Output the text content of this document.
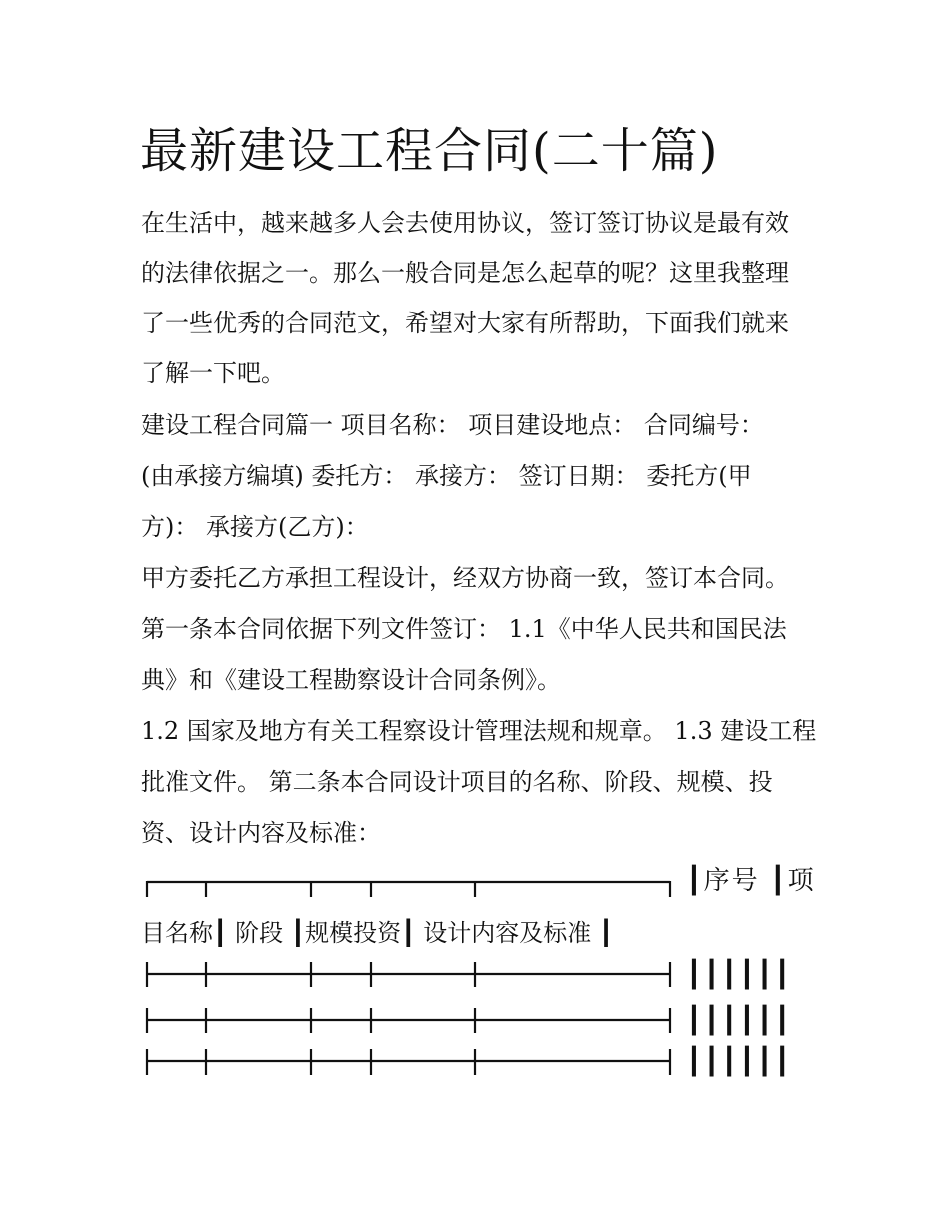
最新建设工程合同(二十篇)
在生活中，越来越多人会去使用协议，签订签订协议是最有效
的法律依据之一。那么一般合同是怎么起草的呢？这里我整理
了一些优秀的合同范文，希望对大家有所帮助，下面我们就来
了解一下吧。
建设工程合同篇一 项目名称： 项目建设地点： 合同编号：
(由承接方编填) 委托方： 承接方： 签订日期： 委托方(甲
方)： 承接方(乙方)：
甲方委托乙方承担工程设计，经双方协商一致，签订本合同。
第一条本合同依据下列文件签订： 1.1《中华人民共和国民法
典》和《建设工程勘察设计合同条例》。
1.2 国家及地方有关工程察设计管理法规和规章。 1.3 建设工程
批准文件。 第二条本合同设计项目的名称、阶段、规模、投
资、设计内容及标准：
┃序号 ┃项
目名称┃ 阶段 ┃规模投资┃ 设计内容及标准 ┃
┃┃┃┃┃┃
┃┃┃┃┃┃
┃┃┃┃┃┃
